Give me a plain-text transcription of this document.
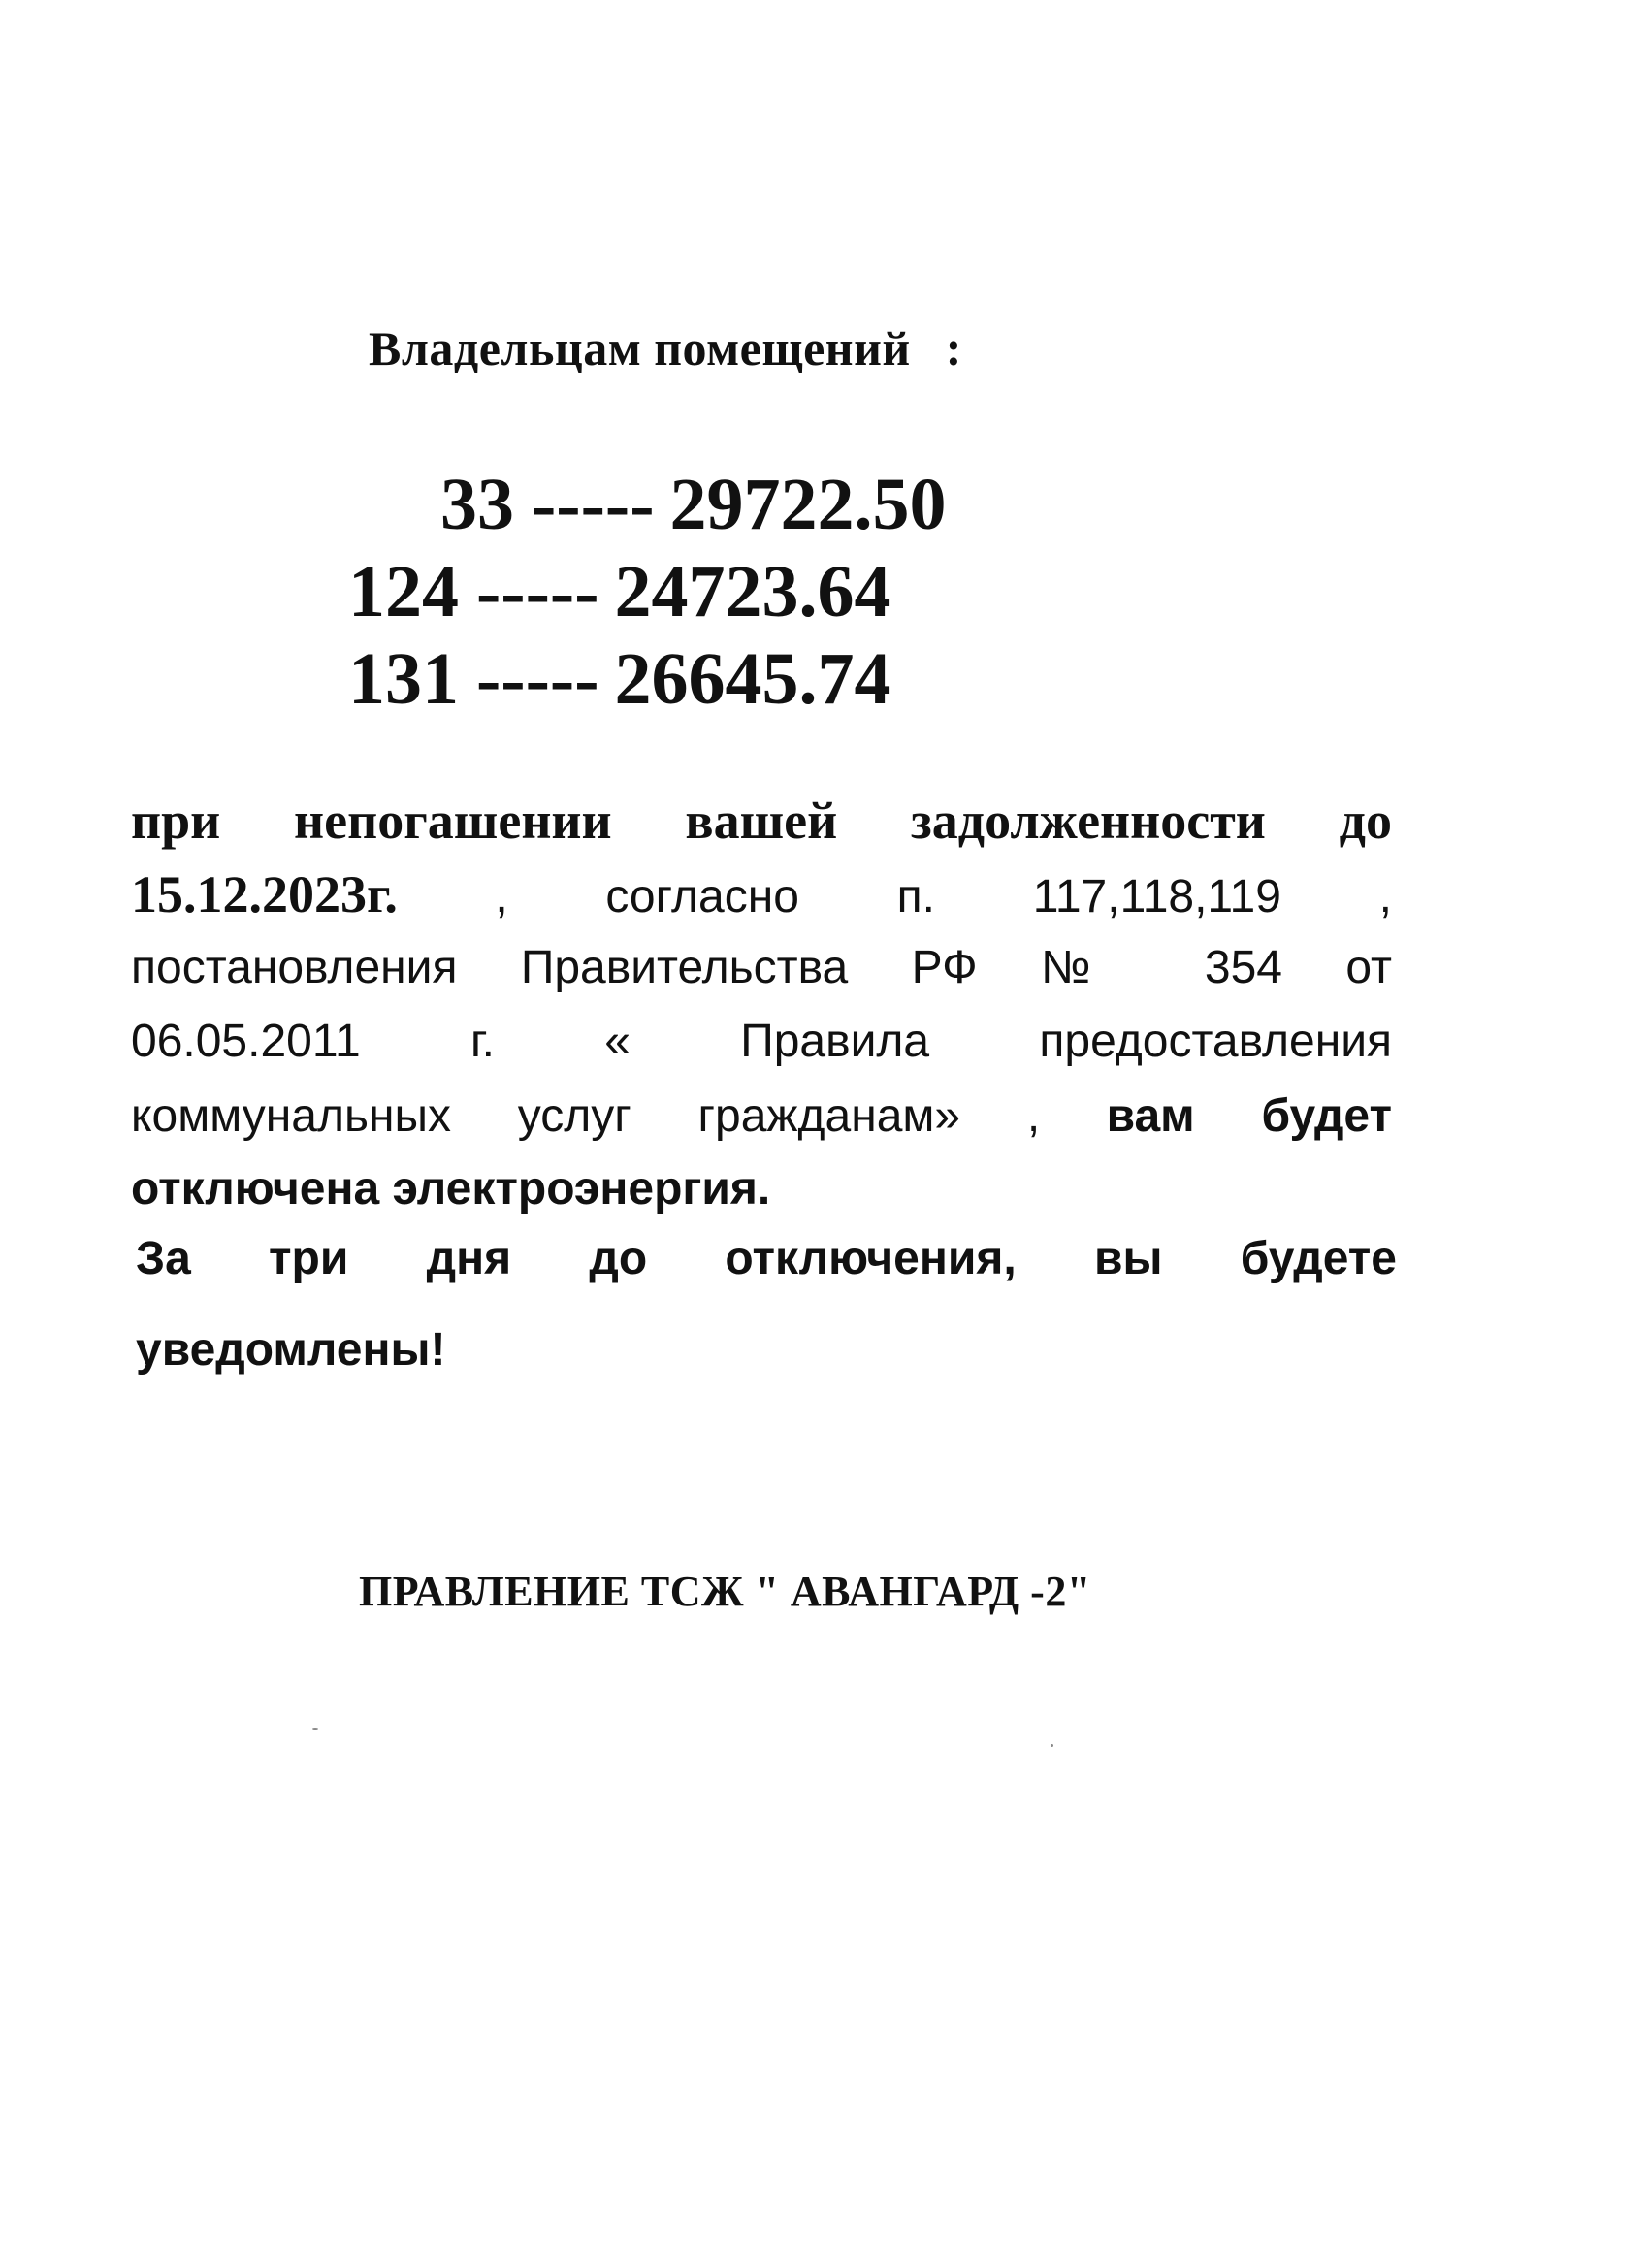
Владельцам помещений :
33 ----- 29722.50
124 ----- 24723.64
131 ----- 26645.74
при непогашении вашей задолженности до
15.12.2023г. , согласно п. 117,118,119 ,
постановления Правительства РФ № 354 от
06.05.2011 г. « Правила предоставления
коммунальных услуг гражданам» , вам будет
отключена электроэнергия.
За три дня до отключения, вы будете
уведомлены!
ПРАВЛЕНИЕ ТСЖ " АВАНГАРД -2"
